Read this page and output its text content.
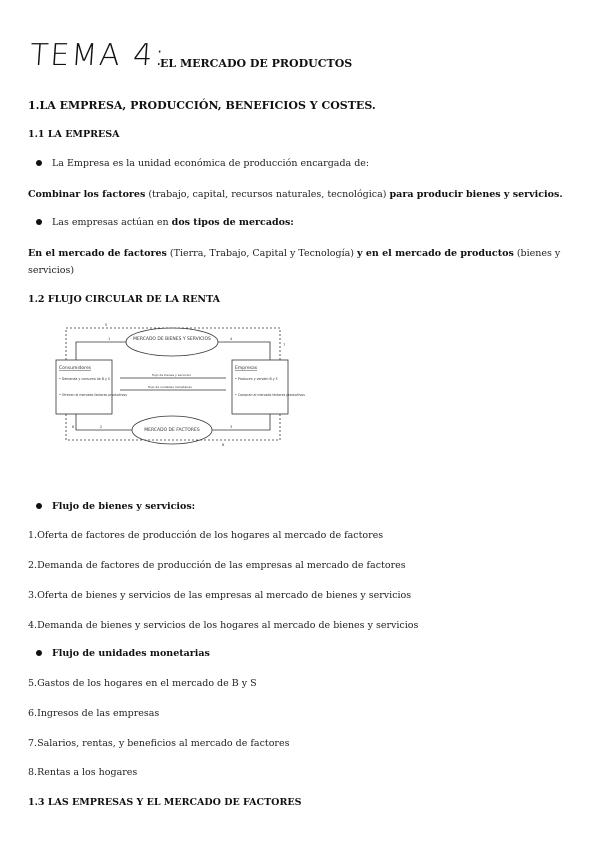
TEMA 4:
EL MERCADO DE PRODUCTOS
1.LA EMPRESA, PRODUCCIÓN, BENEFICIOS Y COSTES.
1.1 LA EMPRESA
La Empresa es la unidad económica de producción encargada de:
Combinar los factores (trabajo, capital, recursos naturales, tecnológica) para producir bienes y servicios.
Las empresas actúan en dos tipos de mercados:
En el mercado de factores (Tierra, Trabajo, Capital y Tecnología) y en el mercado de productos (bienes y servicios)
1.2 FLUJO CIRCULAR DE LA RENTA
MERCADO DE BIENES Y SERVICIOS
MERCADO DE FACTORES
Consumidores
• Demanda y consumo de B y S
• Ofrecen al mercado factores productivos
Empresas
• Producen y venden B y S
• Compran al mercado factores productivos
flujo de bienes y servicios
flujo de unidades monetarias
5
1	4
7
6	2	3
8
Flujo de bienes y servicios:
1.Oferta de factores de producción de los hogares al mercado de factores
2.Demanda de factores de producción de las empresas al mercado de factores
3.Oferta de bienes y servicios de las empresas al mercado de bienes y servicios
4.Demanda de bienes y servicios de los hogares al mercado de bienes y servicios
Flujo de unidades monetarias
5.Gastos de los hogares en el mercado de B y S
6.Ingresos de las empresas
7.Salarios, rentas, y beneficios al mercado de factores
8.Rentas a los hogares
1.3 LAS EMPRESAS Y EL MERCADO DE FACTORES
